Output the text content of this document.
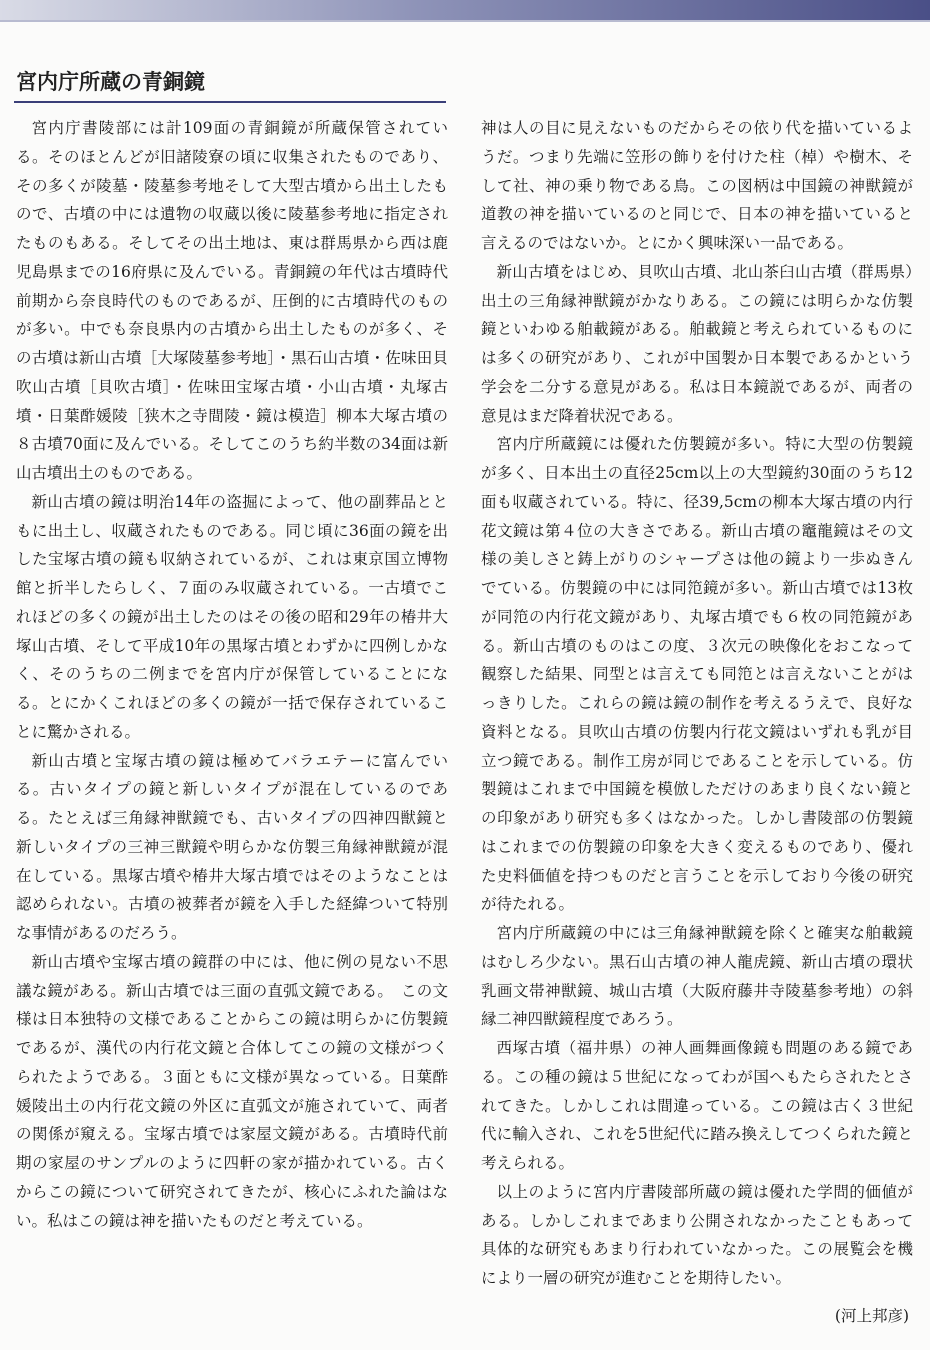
宮内庁所蔵の青銅鏡

宮内庁書陵部には計109面の青銅鏡が所蔵保管されている。そのほとんどが旧諸陵寮の頃に収集されたものであり、その多くが陵墓・陵墓参考地そして大型古墳から出土したもので、古墳の中には遺物の収蔵以後に陵墓参考地に指定されたものもある。そしてその出土地は、東は群馬県から西は鹿児島県までの16府県に及んでいる。青銅鏡の年代は古墳時代前期から奈良時代のものであるが、圧倒的に古墳時代のものが多い。中でも奈良県内の古墳から出土したものが多く、その古墳は新山古墳［大塚陵墓参考地］・黒石山古墳・佐味田貝吹山古墳［貝吹古墳］・佐味田宝塚古墳・小山古墳・丸塚古墳・日葉酢媛陵［狭木之寺間陵・鏡は模造］柳本大塚古墳の８古墳70面に及んでいる。そしてこのうち約半数の34面は新山古墳出土のものである。

新山古墳の鏡は明治14年の盗掘によって、他の副葬品とともに出土し、収蔵されたものである。同じ頃に36面の鏡を出した宝塚古墳の鏡も収納されているが、これは東京国立博物館と折半したらしく、７面のみ収蔵されている。一古墳でこれほどの多くの鏡が出土したのはその後の昭和29年の椿井大塚山古墳、そして平成10年の黒塚古墳とわずかに四例しかなく、そのうちの二例までを宮内庁が保管していることになる。とにかくこれほどの多くの鏡が一括で保存されていることに驚かされる。

新山古墳と宝塚古墳の鏡は極めてバラエテーに富んでいる。古いタイプの鏡と新しいタイプが混在しているのである。たとえば三角縁神獣鏡でも、古いタイプの四神四獣鏡と新しいタイプの三神三獣鏡や明らかな仿製三角縁神獣鏡が混在している。黒塚古墳や椿井大塚古墳ではそのようなことは認められない。古墳の被葬者が鏡を入手した経緯ついて特別な事情があるのだろう。

新山古墳や宝塚古墳の鏡群の中には、他に例の見ない不思議な鏡がある。新山古墳では三面の直弧文鏡である。　この文様は日本独特の文様であることからこの鏡は明らかに仿製鏡であるが、漢代の内行花文鏡と合体してこの鏡の文様がつくられたようである。３面ともに文様が異なっている。日葉酢媛陵出土の内行花文鏡の外区に直弧文が施されていて、両者の関係が窺える。宝塚古墳では家屋文鏡がある。古墳時代前期の家屋のサンプルのように四軒の家が描かれている。古くからこの鏡について研究されてきたが、核心にふれた論はない。私はこの鏡は神を描いたものだと考えている。

神は人の目に見えないものだからその依り代を描いているようだ。つまり先端に笠形の飾りを付けた柱（棹）や樹木、そして社、神の乗り物である鳥。この図柄は中国鏡の神獣鏡が道教の神を描いているのと同じで、日本の神を描いていると言えるのではないか。とにかく興味深い一品である。

新山古墳をはじめ、貝吹山古墳、北山茶臼山古墳（群馬県）出土の三角縁神獣鏡がかなりある。この鏡には明らかな仿製鏡といわゆる舶載鏡がある。舶載鏡と考えられているものには多くの研究があり、これが中国製か日本製であるかという学会を二分する意見がある。私は日本鏡説であるが、両者の意見はまだ降着状況である。

宮内庁所蔵鏡には優れた仿製鏡が多い。特に大型の仿製鏡が多く、日本出土の直径25cm以上の大型鏡約30面のうち12面も収蔵されている。特に、径39,5cmの柳本大塚古墳の内行花文鏡は第４位の大きさである。新山古墳の竈龍鏡はその文様の美しさと鋳上がりのシャープさは他の鏡より一歩ぬきんでている。仿製鏡の中には同笵鏡が多い。新山古墳では13枚が同笵の内行花文鏡があり、丸塚古墳でも６枚の同笵鏡がある。新山古墳のものはこの度、３次元の映像化をおこなって観察した結果、同型とは言えても同笵とは言えないことがはっきりした。これらの鏡は鏡の制作を考えるうえで、良好な資料となる。貝吹山古墳の仿製内行花文鏡はいずれも乳が目立つ鏡である。制作工房が同じであることを示している。仿製鏡はこれまで中国鏡を模倣しただけのあまり良くない鏡との印象があり研究も多くはなかった。しかし書陵部の仿製鏡はこれまでの仿製鏡の印象を大きく変えるものであり、優れた史料価値を持つものだと言うことを示しており今後の研究が待たれる。

宮内庁所蔵鏡の中には三角縁神獣鏡を除くと確実な舶載鏡はむしろ少ない。黒石山古墳の神人龍虎鏡、新山古墳の環状乳画文帯神獣鏡、城山古墳（大阪府藤井寺陵墓参考地）の斜縁二神四獣鏡程度であろう。

西塚古墳（福井県）の神人画舞画像鏡も問題のある鏡である。この種の鏡は５世紀になってわが国へもたらされたとされてきた。しかしこれは間違っている。この鏡は古く３世紀代に輸入され、これを5世紀代に踏み換えしてつくられた鏡と考えられる。

以上のように宮内庁書陵部所蔵の鏡は優れた学問的価値がある。しかしこれまであまり公開されなかったこともあって具体的な研究もあまり行われていなかった。この展覧会を機により一層の研究が進むことを期待したい。

(河上邦彦)
